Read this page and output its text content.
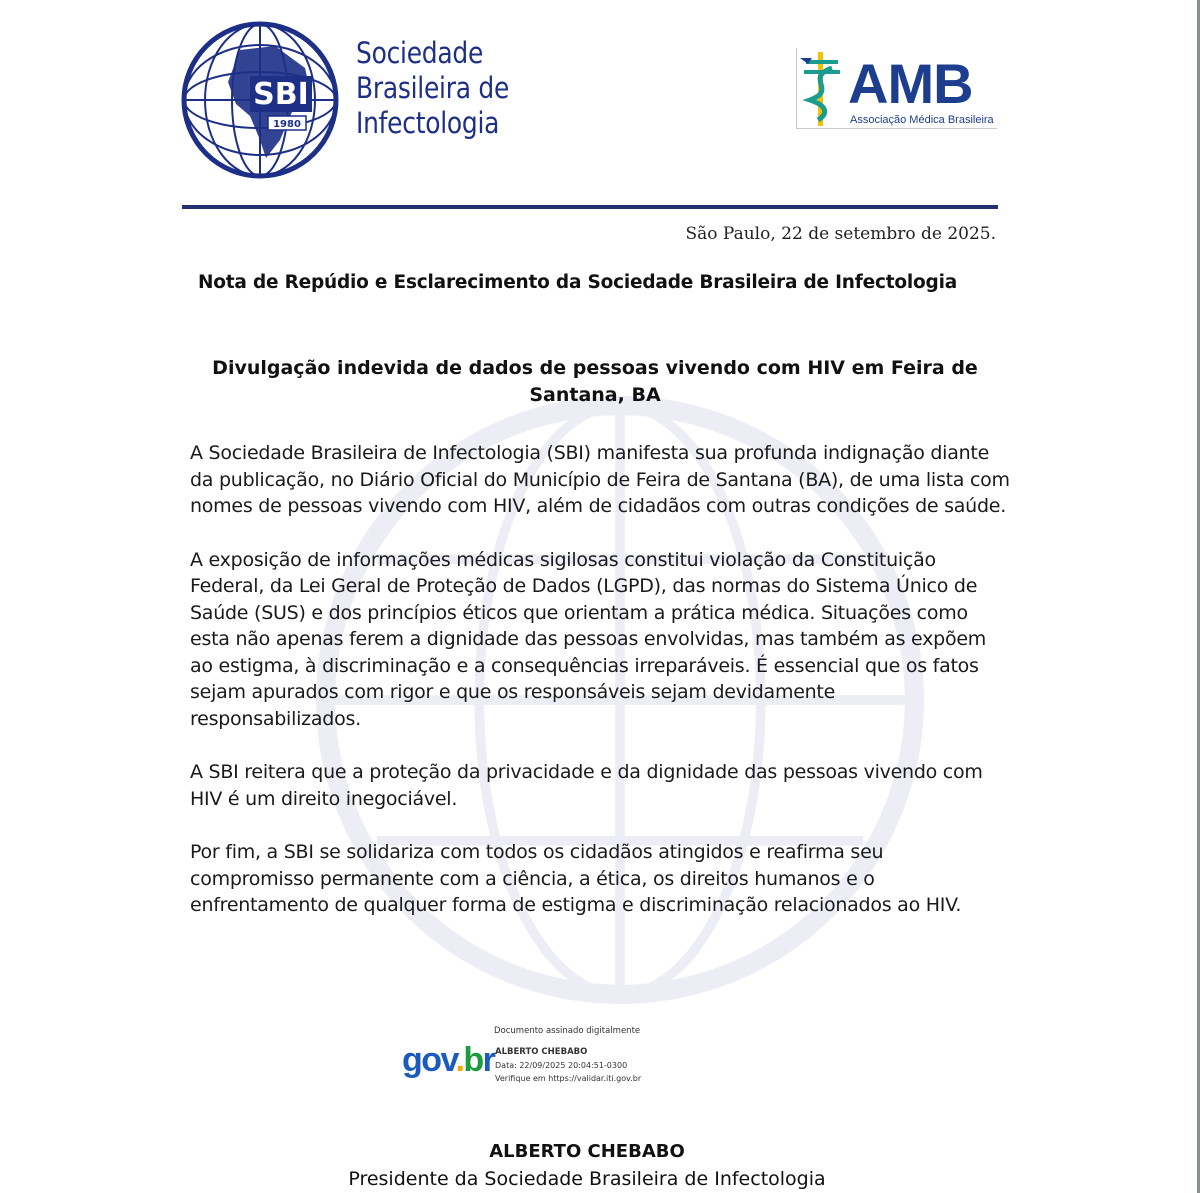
SBI
1980
Sociedade
Brasileira de
Infectologia
AMB
Associação Médica Brasileira
São Paulo, 22 de setembro de 2025.
Nota de Repúdio e Esclarecimento da Sociedade Brasileira de Infectologia
Divulgação indevida de dados de pessoas vivendo com HIV em Feira de
Santana, BA

A Sociedade Brasileira de Infectologia (SBI) manifesta sua profunda indignação diante da publicação, no Diário Oficial do Município de Feira de Santana (BA), de uma lista com nomes de pessoas vivendo com HIV, além de cidadãos com outras condições de saúde.

A exposição de informações médicas sigilosas constitui violação da Constituição Federal, da Lei Geral de Proteção de Dados (LGPD), das normas do Sistema Único de Saúde (SUS) e dos princípios éticos que orientam a prática médica. Situações como esta não apenas ferem a dignidade das pessoas envolvidas, mas também as expõem ao estigma, à discriminação e a consequências irreparáveis. É essencial que os fatos sejam apurados com rigor e que os responsáveis sejam devidamente responsabilizados.

A SBI reitera que a proteção da privacidade e da dignidade das pessoas vivendo com HIV é um direito inegociável.

Por fim, a SBI se solidariza com todos os cidadãos atingidos e reafirma seu compromisso permanente com a ciência, a ética, os direitos humanos e o enfrentamento de qualquer forma de estigma e discriminação relacionados ao HIV.

Documento assinado digitalmente
gov.br ALBERTO CHEBABO
Data: 22/09/2025 20:04:51-0300
Verifique em https://validar.iti.gov.br
ALBERTO CHEBABO
Presidente da Sociedade Brasileira de Infectologia
